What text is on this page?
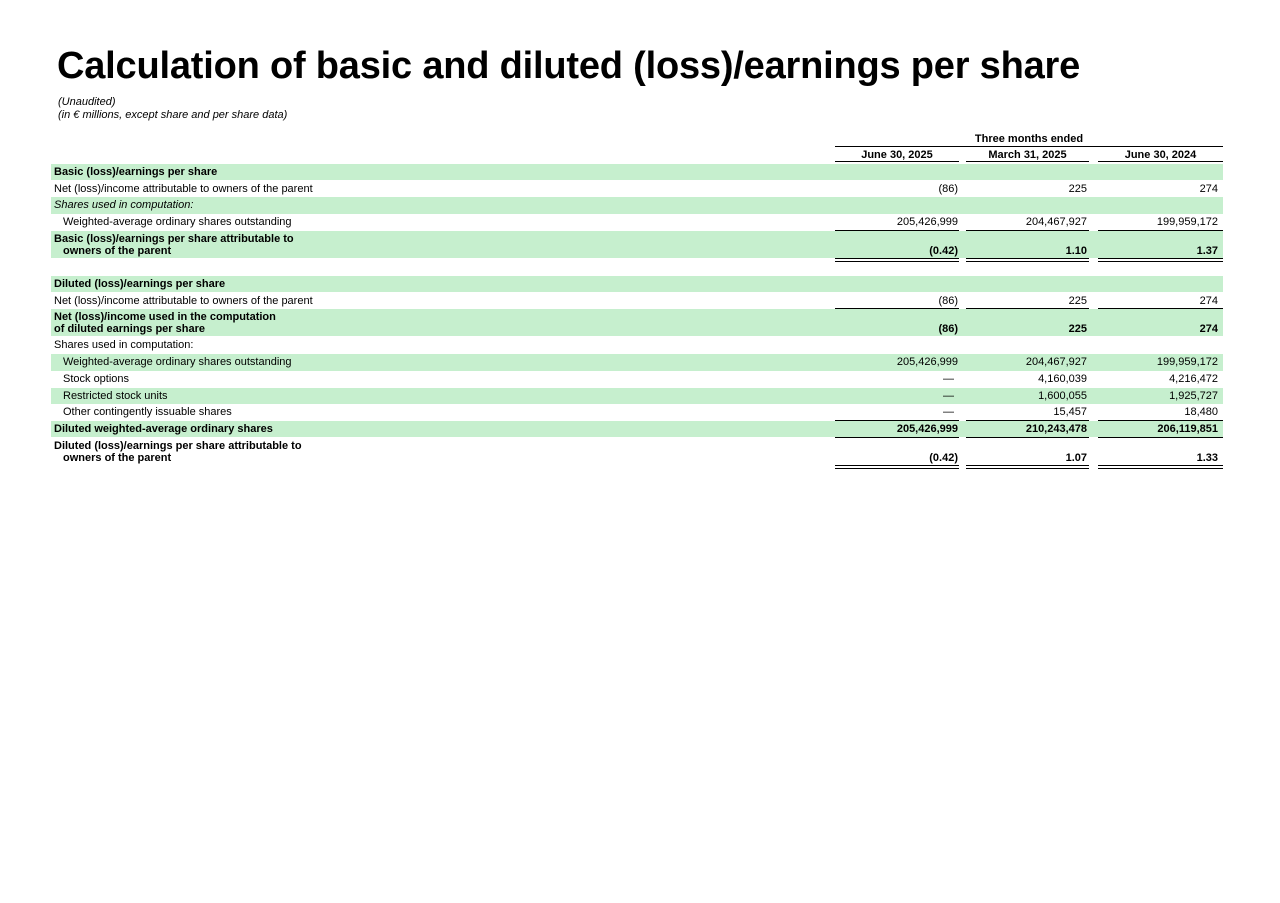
Calculation of basic and diluted (loss)/earnings per share
(Unaudited)
(in € millions, except share and per share data)
Three months ended
June 30, 2025	March 31, 2025	June 30, 2024
Basic (loss)/earnings per share
Net (loss)/income attributable to owners of the parent	(86)	225	274
Shares used in computation:
Weighted-average ordinary shares outstanding	205,426,999	204,467,927	199,959,172
Basic (loss)/earnings per share attributable to
owners of the parent	(0.42)	1.10	1.37
Diluted (loss)/earnings per share
Net (loss)/income attributable to owners of the parent	(86)	225	274
Net (loss)/income used in the computation
of diluted earnings per share	(86)	225	274
Shares used in computation:
Weighted-average ordinary shares outstanding	205,426,999	204,467,927	199,959,172
Stock options	—	4,160,039	4,216,472
Restricted stock units	—	1,600,055	1,925,727
Other contingently issuable shares	—	15,457	18,480
Diluted weighted-average ordinary shares	205,426,999	210,243,478	206,119,851
Diluted (loss)/earnings per share attributable to
owners of the parent	(0.42)	1.07	1.33
